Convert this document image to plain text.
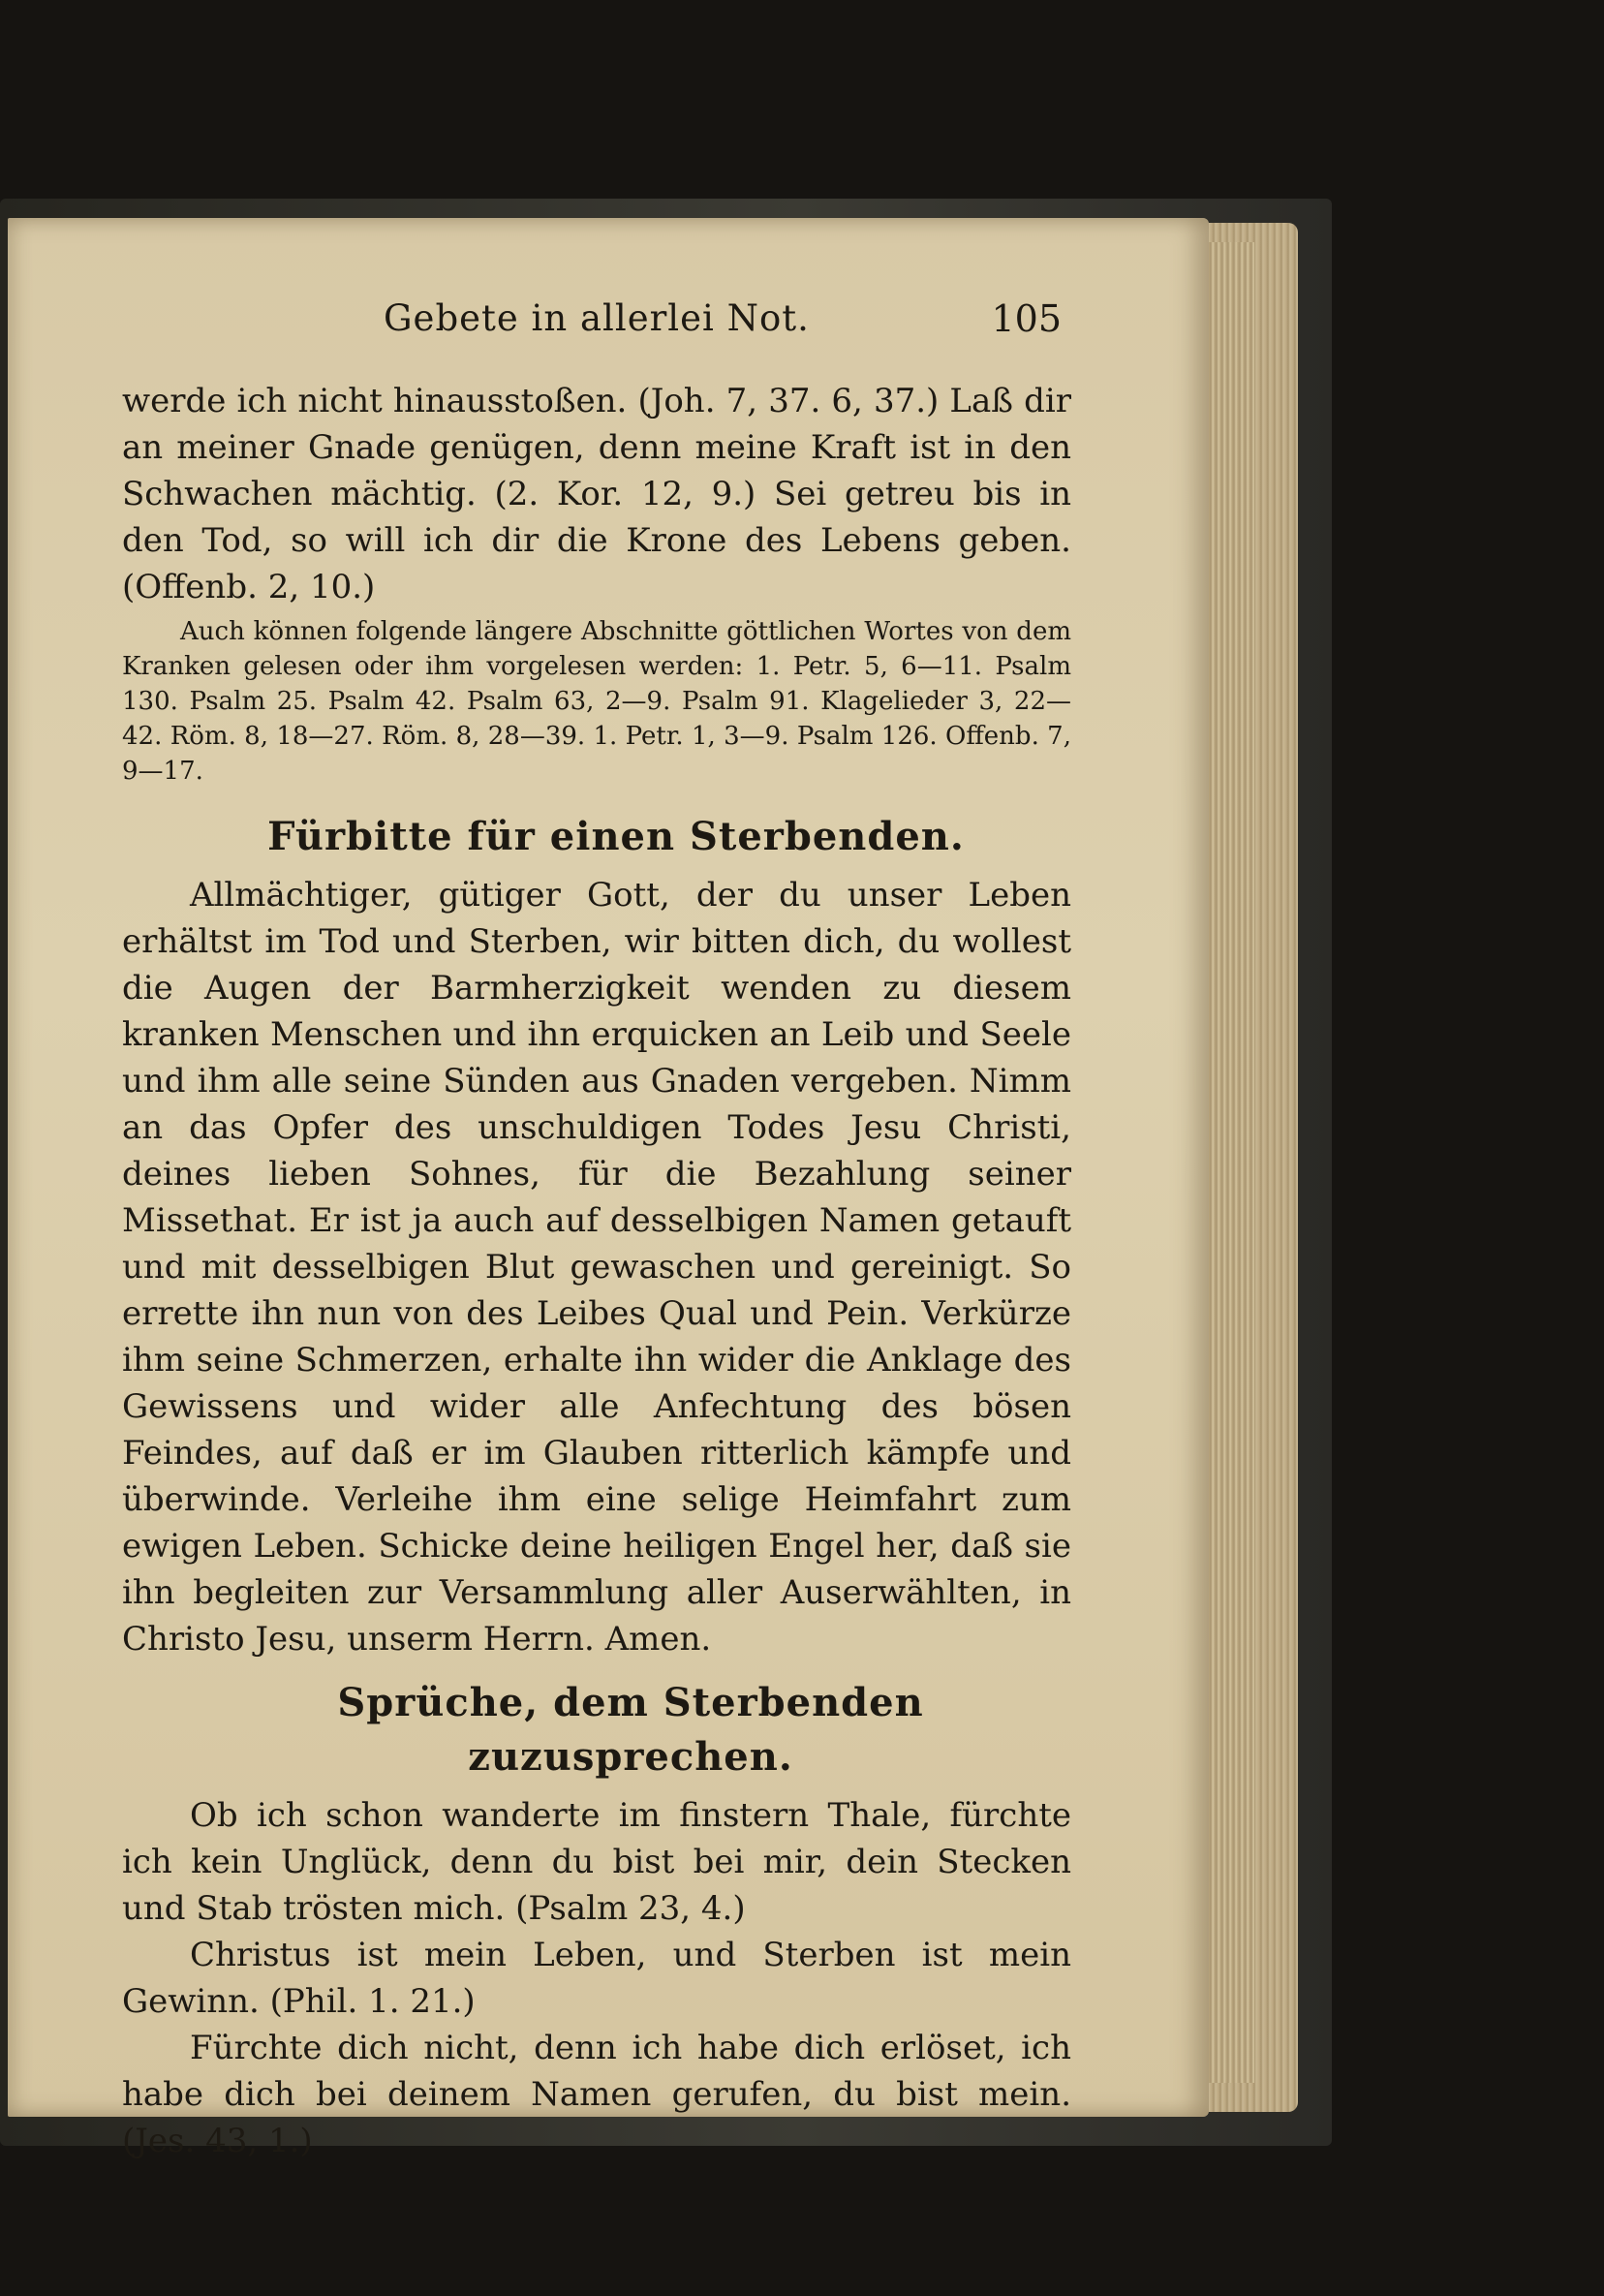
Gebete in allerlei Not.	105

werde ich nicht hinausstoßen. (Joh. 7, 37. 6, 37.) Laß dir an meiner Gnade genügen, denn meine Kraft ist in den Schwachen mächtig. (2. Kor. 12, 9.) Sei getreu bis in den Tod, so will ich dir die Krone des Lebens geben. (Offenb. 2, 10.)

Auch können folgende längere Abschnitte göttlichen Wortes von dem Kranken gelesen oder ihm vorgelesen werden: 1. Petr. 5, 6—11. Psalm 130. Psalm 25. Psalm 42. Psalm 63, 2—9. Psalm 91. Klagelieder 3, 22—42. Röm. 8, 18—27. Röm. 8, 28—39. 1. Petr. 1, 3—9. Psalm 126. Offenb. 7, 9—17.

Fürbitte für einen Sterbenden.

Allmächtiger, gütiger Gott, der du unser Leben erhältst im Tod und Sterben, wir bitten dich, du wollest die Augen der Barmherzigkeit wenden zu diesem kranken Menschen und ihn erquicken an Leib und Seele und ihm alle seine Sünden aus Gnaden vergeben. Nimm an das Opfer des unschuldigen Todes Jesu Christi, deines lieben Sohnes, für die Bezahlung seiner Missethat. Er ist ja auch auf desselbigen Namen getauft und mit desselbigen Blut gewaschen und gereinigt. So errette ihn nun von des Leibes Qual und Pein. Verkürze ihm seine Schmerzen, erhalte ihn wider die Anklage des Gewissens und wider alle Anfechtung des bösen Feindes, auf daß er im Glauben ritterlich kämpfe und überwinde. Verleihe ihm eine selige Heimfahrt zum ewigen Leben. Schicke deine heiligen Engel her, daß sie ihn begleiten zur Versammlung aller Auserwählten, in Christo Jesu, unserm Herrn. Amen.

Sprüche, dem Sterbenden zuzusprechen.

Ob ich schon wanderte im finstern Thale, fürchte ich kein Unglück, denn du bist bei mir, dein Stecken und Stab trösten mich. (Psalm 23, 4.)

Christus ist mein Leben, und Sterben ist mein Gewinn. (Phil. 1. 21.)

Fürchte dich nicht, denn ich habe dich erlöset, ich habe dich bei deinem Namen gerufen, du bist mein. (Jes. 43, 1.)
